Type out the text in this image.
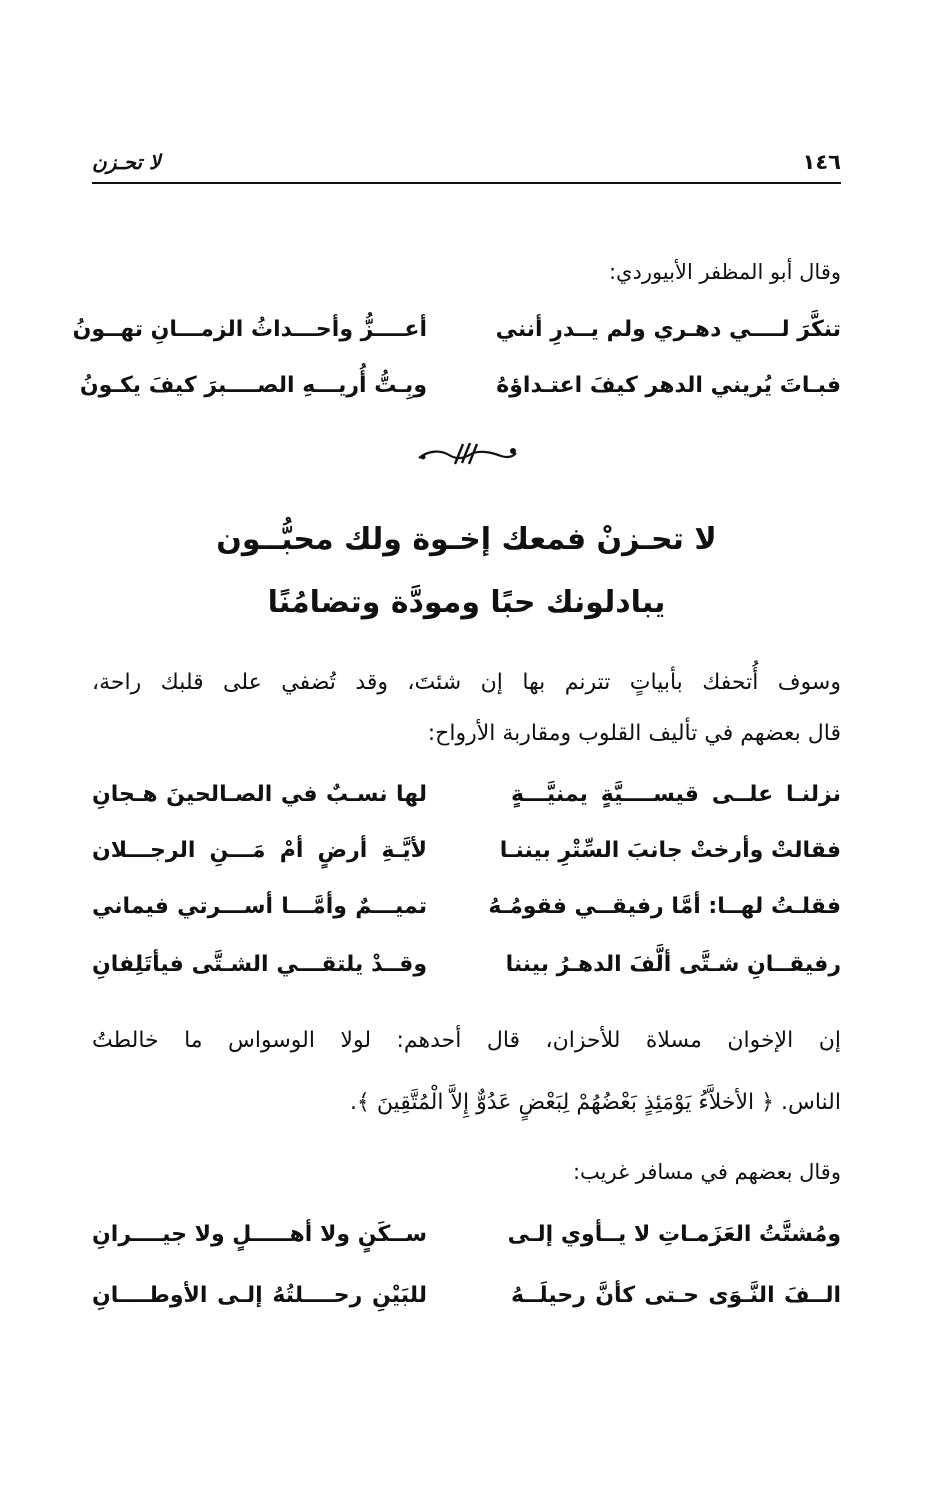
١٤٦
لا تحـزن
وقال أبو المظفر الأبيوردي:
تنكَّرَ لــــي دهـري ولم يــدرِ أنني
أعــــزُّ وأحـــداثُ الزمـــانِ تهــونُ
فبـاتَ يُريني الدهر كيفَ اعتـداؤهُ
وبِـتُّ أُريـــهِ الصــــبرَ كيفَ يكـونُ
لا تحـزنْ فمعك إخـوة ولك محبُّــون
يبادلونك حبًا ومودَّة وتضامُنًا
وسوف أُتحفك بأبياتٍ تترنم بها إن شئتَ، وقد تُضفي على قلبك راحة،
قال بعضهم في تأليف القلوب ومقاربة الأرواح:
نزلنـا علــى قيســــيَّةٍ يمنيَّـــةٍ
لها نسـبٌ في الصـالحينَ هـجانِ
فقالتْ وأرختْ جانبَ السِّتْرِ بيننـا
لأيَّـةِ أرضٍ أمْ مَـــنِ الرجـــلان
فقلـتُ لهــا: أمَّا رفيقــي فقومُـهُ
تميـــمٌ وأمَّـــا أســـرتي فيماني
رفيقــانِ شـتَّى ألَّفَ الدهـرُ بيننا
وقــدْ يلتقـــي الشـتَّى فيأتَلِفانِ
إن الإخوان مسلاة للأحزان، قال أحدهم: لولا الوسواس ما خالطتُ
الناس. ﴿ الأخلاَّءُ يَوْمَئِذٍ بَعْضُهُمْ لِبَعْضٍ عَدُوٌّ إِلاَّ الْمُتَّقِينَ ﴾.
وقال بعضهم في مسافر غريب:
ومُشتَّتُ العَزَمـاتِ لا يــأوي إلـى
ســكَنٍ ولا أهـــــلٍ ولا جيــــرانِ
الــفَ النَّـوَى حـتى كأنَّ رحيلَــهُ
للبَيْنِ رحــــلتُهُ إلـى الأوطــــانِ
